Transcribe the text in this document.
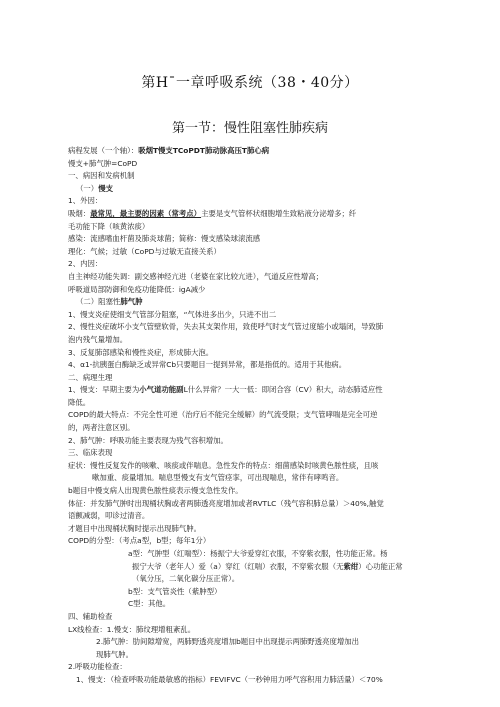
第H¯一章呼吸系统（38・40分）
第一节：慢性阻塞性肺疾病
病程发展（一个轴）：吸烟T慢支TCoPDT肺动脉高压T肺心病
慢支+肺气肿=CoPD
一、病因和发病机制
（一）慢支
1、外因：
吸烟：最常见，最主要的因素（常考点）主要是支气管杯状细胞增生致粘液分泌增多；纤
毛功能下降（咳黄浓痰）
感染：流感嗜血杆菌及肺炎球菌；简称：慢支感染球滚流感
理化：气候；过敏（CoPD与过敏无直接关系）
2、内因：
自主神经功能失调：副交感神经亢进（老婆在家比较亢进），气道反应性增高；
呼吸道局部防御和免疫功能降低：igA减少
（二）阻塞性肺气肿
1、慢支炎症使细支气管部分阻塞，“气体进多出少，只进不出二
2、慢性炎症破坏小支气管壁软骨，失去其支架作用，致使呼气时支气管过度缩小或塌闭，导致肺
泡内残气量增加。
3、反复肺部感染和慢性炎症，形成肺大泡。
4、α1-抗胰蛋白酶缺乏或异常Cb只要题目一提到异常，都是指低的。适用于其他病。
二、病理生理
1、慢支：早期主要为小气道功能副L什么异常？一大一低：即闭合容（CV）积大，动态肺适应性
降低。
COPD的最大特点：不完全性可逆（治疗后不能完全缓解）的气流受限；支气管哮喘是完全可逆
的，两者注意区别。
2、肺气肿：呼吸功能主要表现为残气容积增加。
三、临床表现
症状：慢性反复发作的咳嗽、咳痰或伴喘息。急性发作的特点：细菌感染时咳黄色脓性痰，且咳
嗽加重、痰量增加。喘息型慢支有支气管痉挛，可出现喘息，常伴有哮鸣音。
b题目中慢支病人出现黄色脓性痰表示慢支急性发作。
体征：并发肺气肿时出现桶状胸或者两肺透亮度增加或者RVTLC（残气容积肺总量）＞40%,触觉
语颤减弱，叩诊过清音。
才题目中出现桶状胸时提示出现肺气肿。
COPD的分型：（考点a型，b型；每年1分）
a型：气肿型（红喘型）：杨振宁大爷爱穿红衣服，不穿紫衣服，性功能正常。杨
振宁大爷（老年人）爱（a）穿红（红喘）衣服，不穿紫衣服（无紫绀）心功能正常
（氧分压，二氧化碳分压正常）。
b型：支气管炎性（紫肿型）
C型：其他。
四、辅助检查
LX线检查：1.慢支：肺纹理增粗紊乱。
2.肺气肿：肋间隙增宽，两肺野透亮度增加b题目中出现提示两肺野透亮度增加出
现肺气肿。
2.呼吸功能检查：
1、慢支：（检查呼吸功能最敏感的指标）FEVIFVC（一秒钟用力呼气容积用力肺活量）＜70%
